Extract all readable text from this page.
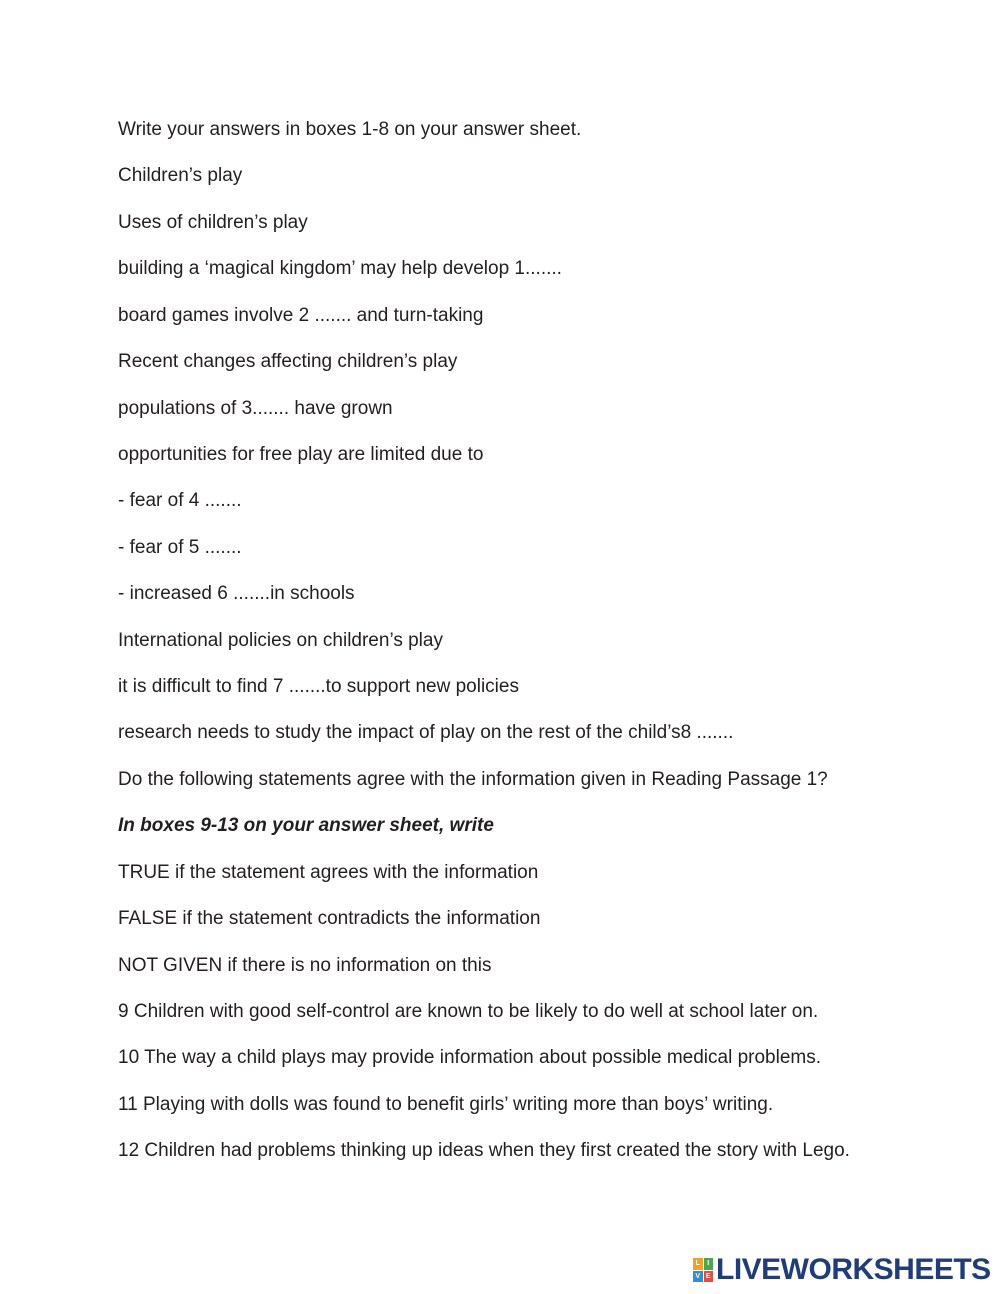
Write your answers in boxes 1-8 on your answer sheet.
Children’s play
Uses of children’s play
building a ‘magical kingdom’ may help develop 1.......
board games involve 2 ....... and turn-taking
Recent changes affecting children’s play
populations of 3....... have grown
opportunities for free play are limited due to
- fear of 4 .......
- fear of 5 .......
- increased 6 .......in schools
International policies on children’s play
it is difficult to find 7 .......to support new policies
research needs to study the impact of play on the rest of the child’s8 .......
Do the following statements agree with the information given in Reading Passage 1?
In boxes 9-13 on your answer sheet, write
TRUE if the statement agrees with the information
FALSE if the statement contradicts the information
NOT GIVEN if there is no information on this
9 Children with good self-control are known to be likely to do well at school later on.
10 The way a child plays may provide information about possible medical problems.
11 Playing with dolls was found to benefit girls’ writing more than boys’ writing.
12 Children had problems thinking up ideas when they first created the story with Lego.
L	I
V E LIVEWORKSHEETS
